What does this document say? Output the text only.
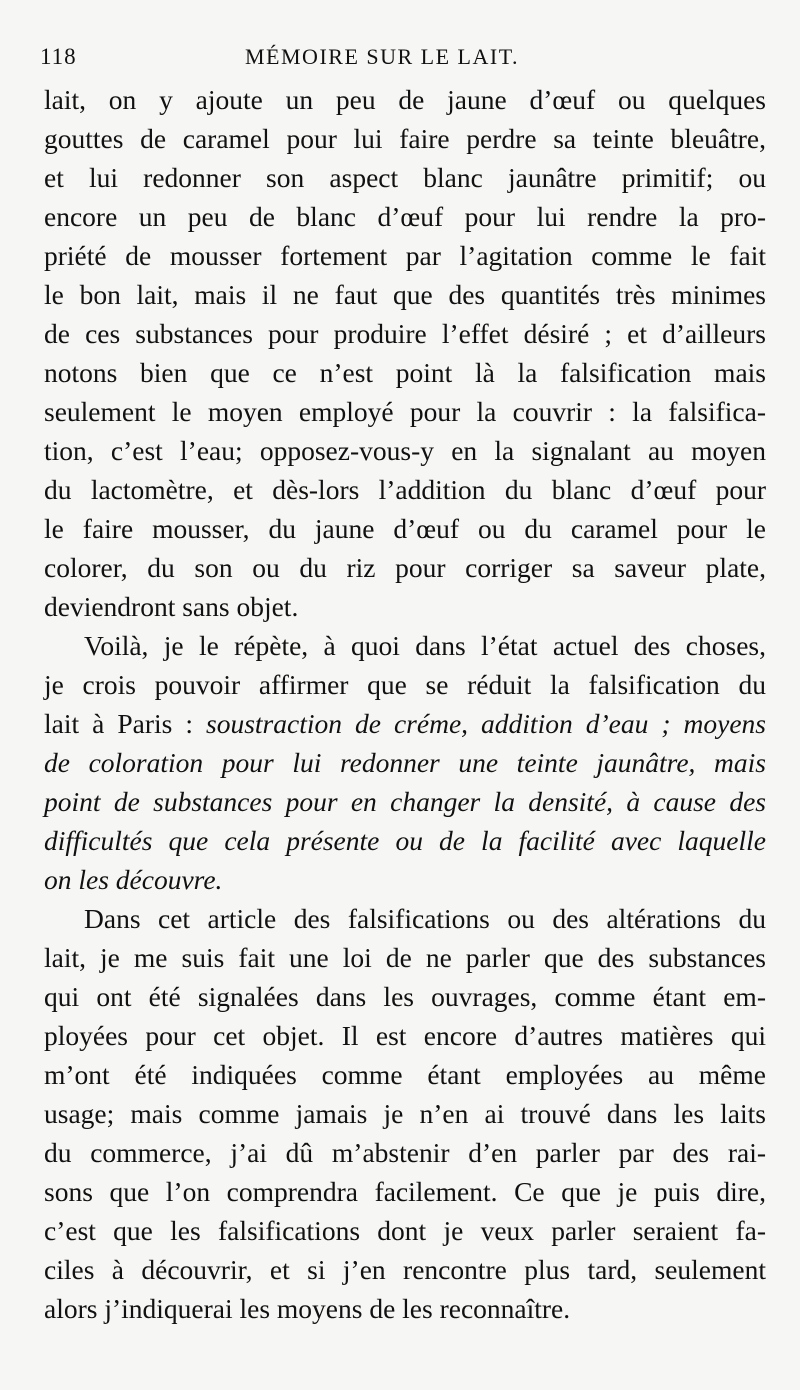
118	MÉMOIRE SUR LE LAIT.
lait, on y ajoute un peu de jaune d’œuf ou quelques
gouttes de caramel pour lui faire perdre sa teinte bleuâtre,
et lui redonner son aspect blanc jaunâtre primitif; ou
encore un peu de blanc d’œuf pour lui rendre la pro-
priété de mousser fortement par l’agitation comme le fait
le bon lait, mais il ne faut que des quantités très minimes
de ces substances pour produire l’effet désiré ; et d’ailleurs
notons bien que ce n’est point là la falsification mais
seulement le moyen employé pour la couvrir : la falsifica-
tion, c’est l’eau; opposez-vous-y en la signalant au moyen
du lactomètre, et dès-lors l’addition du blanc d’œuf pour
le faire mousser, du jaune d’œuf ou du caramel pour le
colorer, du son ou du riz pour corriger sa saveur plate,
deviendront sans objet.
Voilà, je le répète, à quoi dans l’état actuel des choses,
je crois pouvoir affirmer que se réduit la falsification du
lait à Paris : soustraction de créme, addition d’eau ; moyens
de coloration pour lui redonner une teinte jaunâtre, mais
point de substances pour en changer la densité, à cause des
difficultés que cela présente ou de la facilité avec laquelle
on les découvre.
Dans cet article des falsifications ou des altérations du
lait, je me suis fait une loi de ne parler que des substances
qui ont été signalées dans les ouvrages, comme étant em-
ployées pour cet objet. Il est encore d’autres matières qui
m’ont été indiquées comme étant employées au même
usage; mais comme jamais je n’en ai trouvé dans les laits
du commerce, j’ai dû m’abstenir d’en parler par des rai-
sons que l’on comprendra facilement. Ce que je puis dire,
c’est que les falsifications dont je veux parler seraient fa-
ciles à découvrir, et si j’en rencontre plus tard, seulement
alors j’indiquerai les moyens de les reconnaître.
